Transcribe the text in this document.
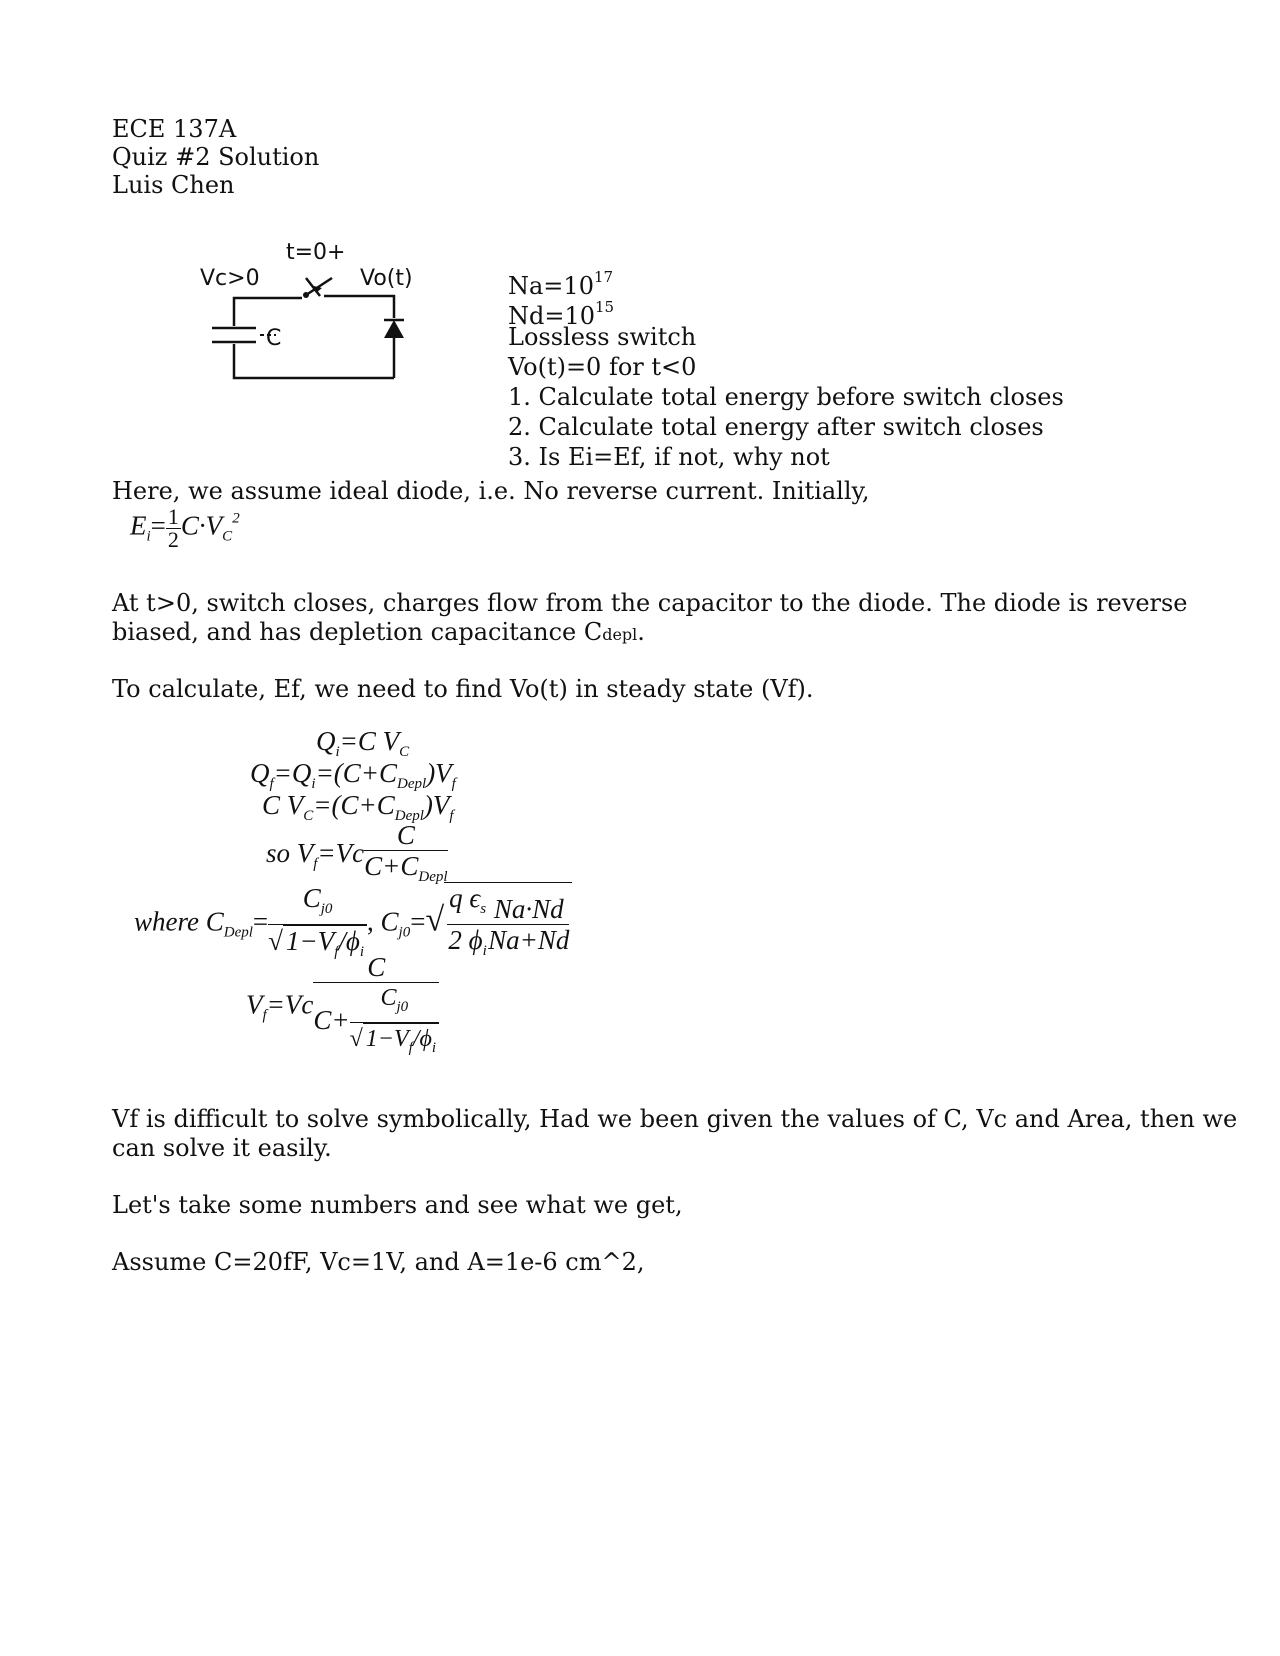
ECE 137A
Quiz #2 Solution
Luis Chen
Vc>0
t=0+
Vo(t)
C
$Na=10^{17}$
$Nd=10^{15}$
Lossless switch
Vo(t)=0 for t<0
1. Calculate total energy before switch closes
2. Calculate total energy after switch closes
3. Is Ei=Ef, if not, why not
Here, we assume ideal diode, i.e. No reverse current. Initially,
$E_i= \frac{1}{2} C\cdot V_C^2$
At t>0, switch closes, charges flow from the capacitor to the diode. The diode is reverse
biased, and has depletion capacitance Cdepl.
To calculate, Ef, we need to find Vo(t) in steady state (Vf).
$Q_i=C$ $V_C$
$Q_f=Q_i=(C+C_{Depl})V_f$
C $V_C=(C+C_{Depl})V_f$
so $V_f=Vc \frac{C}{C+C_{Depl}}$
where $C_{Depl}= \frac{C_{j0}}{√ 1-V_f/\phi_i}$ , $C_{j0}=√ \frac{q \epsilon_s}{2 \phi_i} \frac{Na\cdot Nd}{Na+Nd}$
$V_f=Vc \frac{C}{C+ \frac{C_{j0}}{√ 1-V_f/\phi_i}}$
Vf is difficult to solve symbolically, Had we been given the values of C, Vc and Area, then we
can solve it easily.
Let's take some numbers and see what we get,
Assume C=20fF, Vc=1V, and A=1e-6 cm^2,
